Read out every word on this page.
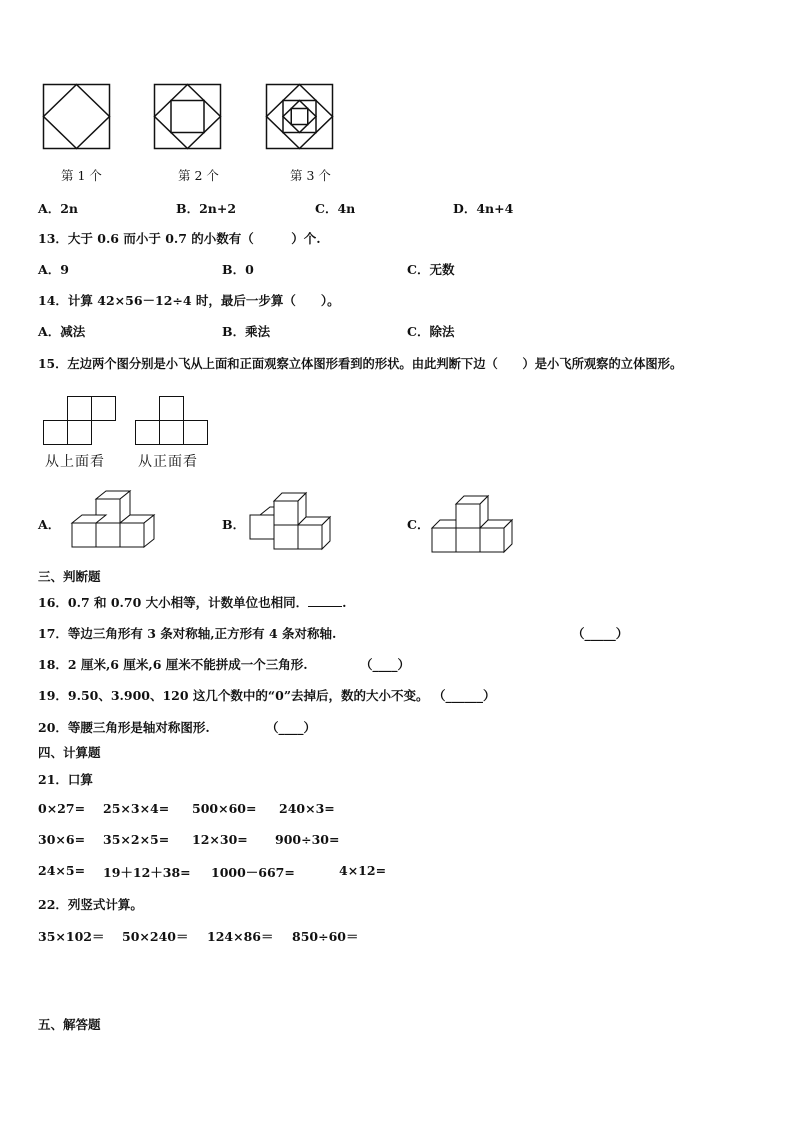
第 1 个	第 2 个	第 3 个
A．2n	B．2n+2	C．4n	D．4n+4
13．大于 0.6 而小于 0.7 的小数有（　　　）个.
A．9	B．0	C．无数
14．计算 42×56－12÷4 时，最后一步算（　　）。
A．减法	B．乘法	C．除法
15．左边两个图分别是小飞从上面和正面观察立体图形看到的形状。由此判断下边（　　）是小飞所观察的立体图形。
从上面看 从正面看
A．	B．	C．
三、判断题
16．0.7 和 0.70 大小相等，计数单位也相同．	.
17．等边三角形有 3 条对称轴,正方形有 4 条对称轴.	（_____）
18．2 厘米,6 厘米,6 厘米不能拼成一个三角形.	（____）
19．9.50、3.900、120 这几个数中的“0”去掉后，数的大小不变。 （______）
20．等腰三角形是轴对称图形.	（____）
四、计算题
21．口算
0×27= 25×3×4= 500×60= 240×3=
30×6= 35×2×5= 12×30= 900÷30=
24×5= 19＋12＋38= 1000－667=	4×12=
22．列竖式计算。
35×102＝ 50×240＝ 124×86＝ 850÷60＝
五、解答题
